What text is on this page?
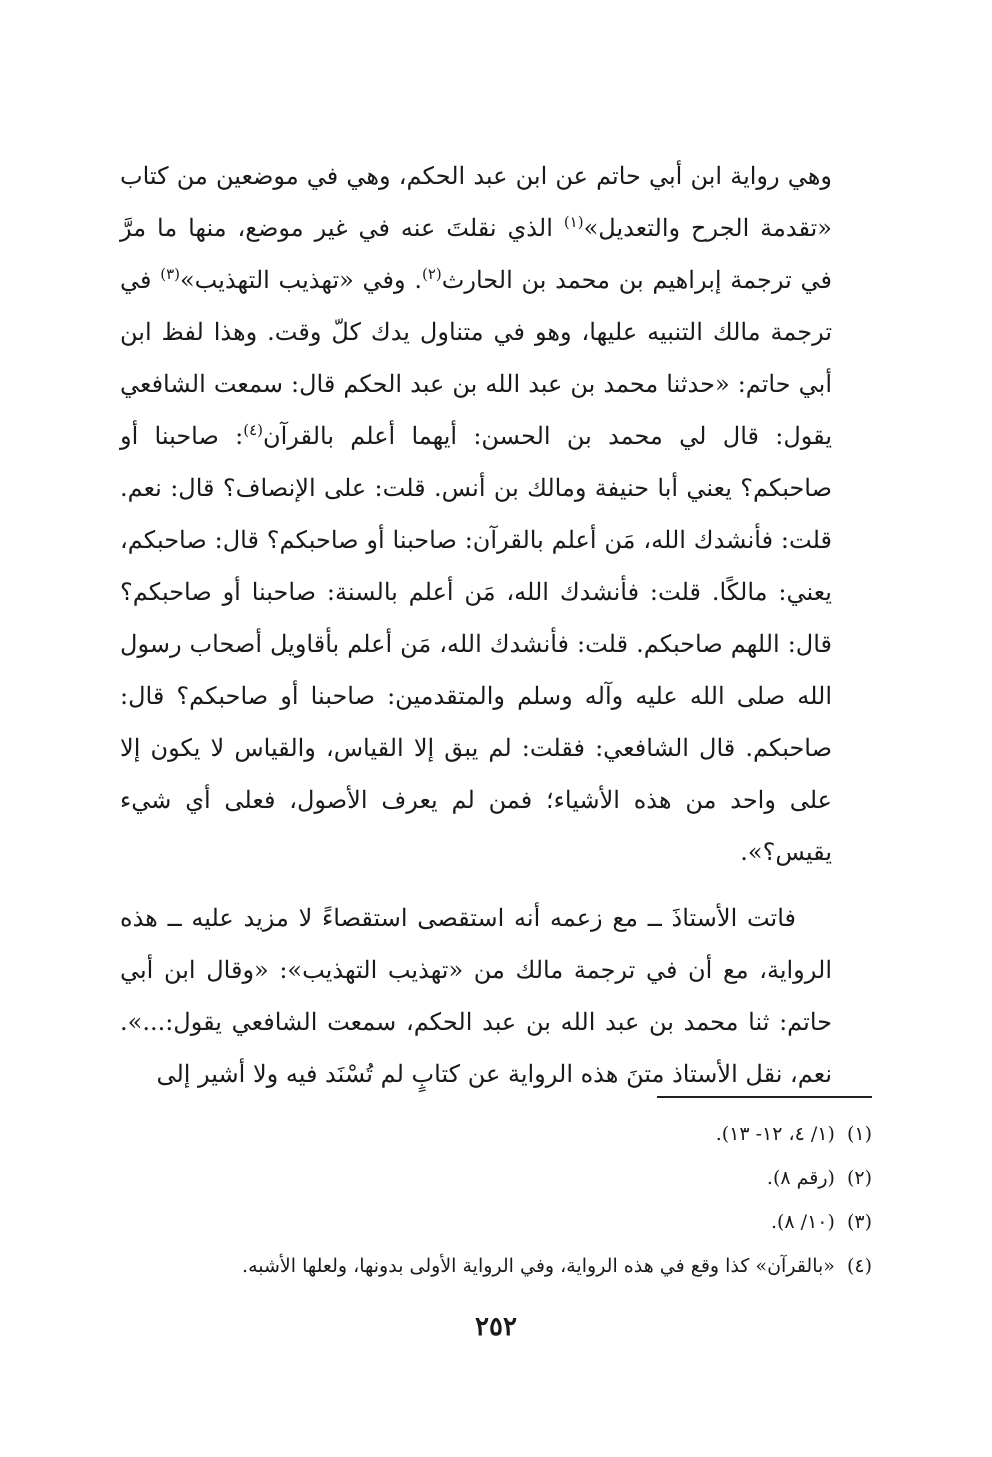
وهي رواية ابن أبي حاتم عن ابن عبد الحكم، وهي في موضعين من كتاب «تقدمة الجرح والتعديل»$^{(١)}$ الذي نقلتَ عنه في غير موضع، منها ما مرَّ في ترجمة إبراهيم بن محمد بن الحارث$^{(٢)}$. وفي «تهذيب التهذيب»$^{(٣)}$ في ترجمة مالك التنبيه عليها، وهو في متناول يدك كلّ وقت. وهذا لفظ ابن أبي حاتم: «حدثنا محمد بن عبد الله بن عبد الحكم قال: سمعت الشافعي يقول: قال لي محمد بن الحسن: أيهما أعلم بالقرآن$^{(٤)}$: صاحبنا أو صاحبكم؟ يعني أبا حنيفة ومالك بن أنس. قلت: على الإنصاف؟ قال: نعم. قلت: فأنشدك الله، مَن أعلم بالقرآن: صاحبنا أو صاحبكم؟ قال: صاحبكم، يعني: مالكًا. قلت: فأنشدك الله، مَن أعلم بالسنة: صاحبنا أو صاحبكم؟ قال: اللهم صاحبكم. قلت: فأنشدك الله، مَن أعلم بأقاويل أصحاب رسول الله صلى الله عليه وآله وسلم والمتقدمين: صاحبنا أو صاحبكم؟ قال: صاحبكم. قال الشافعي: فقلت: لم يبق إلا القياس، والقياس لا يكون إلا على واحد من هذه الأشياء؛ فمن لم يعرف الأصول، فعلى أي شيء يقيس؟».

فاتت الأستاذَ ــ مع زعمه أنه استقصى استقصاءً لا مزيد عليه ــ هذه الرواية، مع أن في ترجمة مالك من «تهذيب التهذيب»: «وقال ابن أبي حاتم: ثنا محمد بن عبد الله بن عبد الحكم، سمعت الشافعي يقول:...». نعم، نقل الأستاذ متنَ هذه الرواية عن كتابٍ لم تُسْنَد فيه ولا أشير إلى

(١)(١/ ٤، ١٢- ١٣).

(٢)(رقم ٨).

(٣)(١٠/ ٨).

(٤)«بالقرآن» كذا وقع في هذه الرواية، وفي الرواية الأولى بدونها، ولعلها الأشبه.

٢٥٢
